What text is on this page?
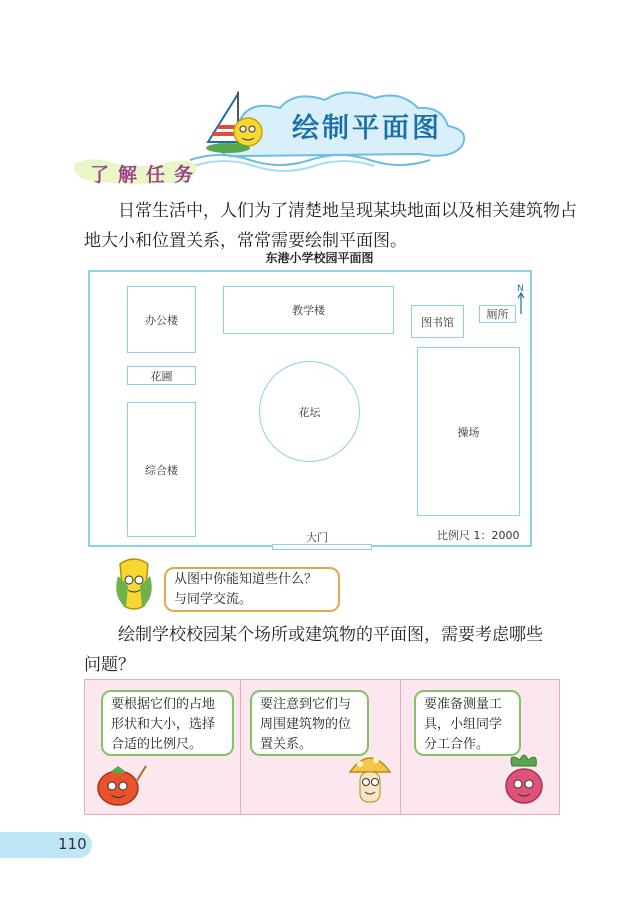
绘制平面图
了解任务
日常生活中，人们为了清楚地呈现某块地面以及相关建筑物占
地大小和位置关系，常常需要绘制平面图。
东港小学校园平面图
办公楼
教学楼
图书馆
厕所
花圃
花坛
综合楼
操场
大门
N
比例尺 1：2000
从图中你能知道些什么？
与同学交流。
绘制学校校园某个场所或建筑物的平面图，需要考虑哪些
问题？
要根据它们的占地
形状和大小，选择
合适的比例尺。
要注意到它们与
周围建筑物的位
置关系。
要准备测量工
具，小组同学
分工合作。
110
